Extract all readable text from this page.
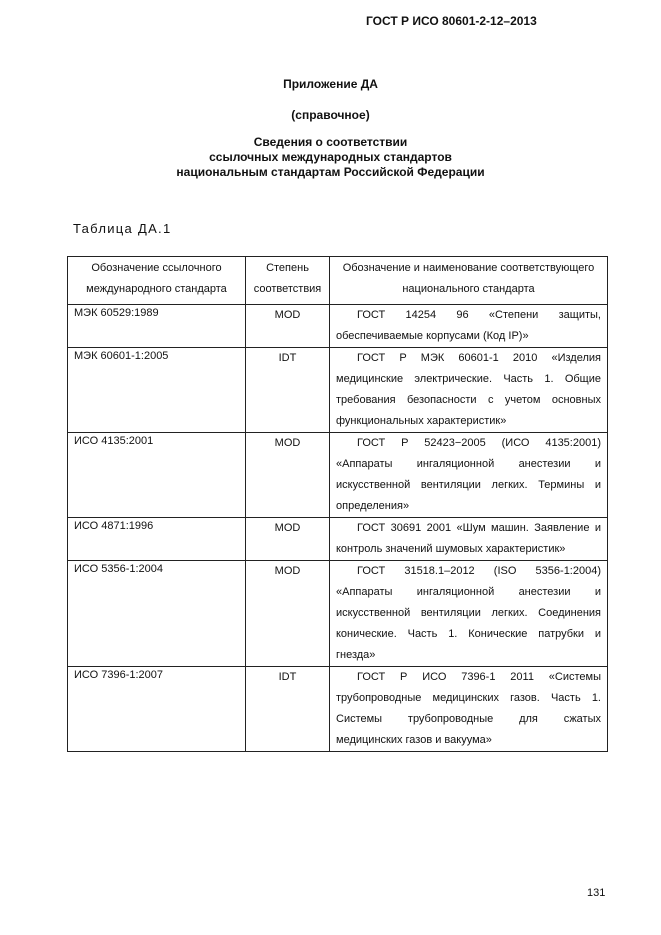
ГОСТ Р ИСО 80601-2-12–2013
Приложение ДА
(справочное)
Сведения о соответствии
ссылочных международных стандартов
национальным стандартам Российской Федерации
Таблица ДА.1
Обозначение ссылочного международного стандарта	Степень соответствия	Обозначение и наименование соответствующего национального стандарта
МЭК 60529:1989	MOD	ГОСТ 14254 96 «Степени защиты, обеспечиваемые корпусами (Код IP)»
МЭК 60601-1:2005	IDT	ГОСТ Р МЭК 60601-1 2010 «Изделия медицинские электрические. Часть 1. Общие требования безопасности с учетом основных функциональных характеристик»
ИСО 4135:2001	MOD	ГОСТ Р 52423−2005 (ИСО 4135:2001) «Аппараты ингаляционной анестезии и искусственной вентиляции легких. Термины и определения»
ИСО 4871:1996	MOD	ГОСТ 30691 2001 «Шум машин. Заявление и контроль значений шумовых характеристик»
ИСО 5356-1:2004	MOD	ГОСТ 31518.1–2012 (ISO 5356-1:2004) «Аппараты ингаляционной анестезии и искусственной вентиляции легких. Соединения конические. Часть 1. Конические патрубки и гнезда»
ИСО 7396-1:2007	IDT	ГОСТ Р ИСО 7396-1 2011 «Системы трубопроводные медицинских газов. Часть 1. Системы трубопроводные для сжатых медицинских газов и вакуума»
131
